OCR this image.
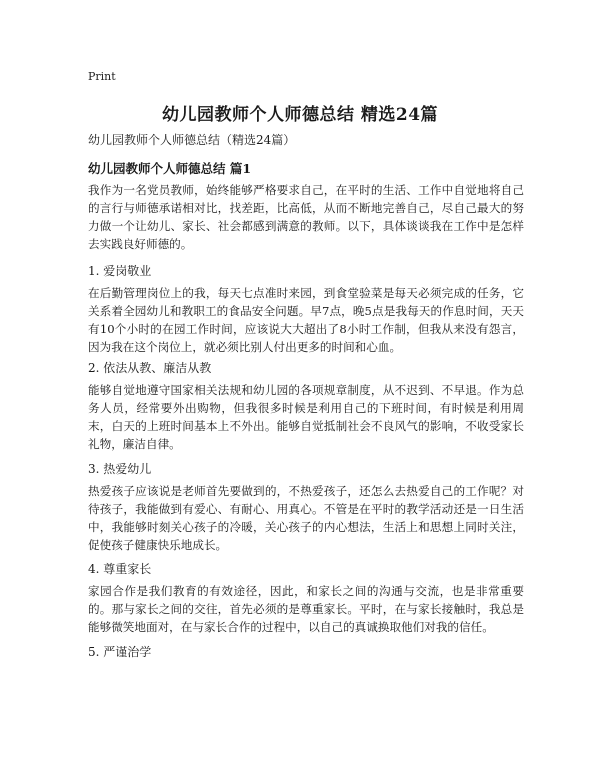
Print
幼儿园教师个人师德总结 精选24篇

幼儿园教师个人师德总结（精选24篇）

幼儿园教师个人师德总结 篇1

我作为一名党员教师，始终能够严格要求自己，在平时的生活、工作中自觉地将自己的言行与师德承诺相对比，找差距，比高低，从而不断地完善自己，尽自己最大的努力做一个让幼儿、家长、社会都感到满意的教师。以下，具体谈谈我在工作中是怎样去实践良好师德的。

1. 爱岗敬业

在后勤管理岗位上的我，每天七点准时来园，到食堂验菜是每天必须完成的任务，它关系着全园幼儿和教职工的食品安全问题。早7点，晚5点是我每天的作息时间，天天有10个小时的在园工作时间，应该说大大超出了8小时工作制，但我从来没有怨言，因为我在这个岗位上，就必须比别人付出更多的时间和心血。

2. 依法从教、廉洁从教

能够自觉地遵守国家相关法规和幼儿园的各项规章制度，从不迟到、不早退。作为总务人员，经常要外出购物，但我很多时候是利用自己的下班时间，有时候是利用周末，白天的上班时间基本上不外出。能够自觉抵制社会不良风气的影响，不收受家长礼物，廉洁自律。

3. 热爱幼儿

热爱孩子应该说是老师首先要做到的，不热爱孩子，还怎么去热爱自己的工作呢？对待孩子，我能做到有爱心、有耐心、用真心。不管是在平时的教学活动还是一日生活中，我能够时刻关心孩子的冷暖，关心孩子的内心想法，生活上和思想上同时关注，促使孩子健康快乐地成长。

4. 尊重家长

家园合作是我们教育的有效途径，因此，和家长之间的沟通与交流，也是非常重要的。那与家长之间的交往，首先必须的是尊重家长。平时，在与家长接触时，我总是能够微笑地面对，在与家长合作的过程中，以自己的真诚换取他们对我的信任。

5. 严谨治学
